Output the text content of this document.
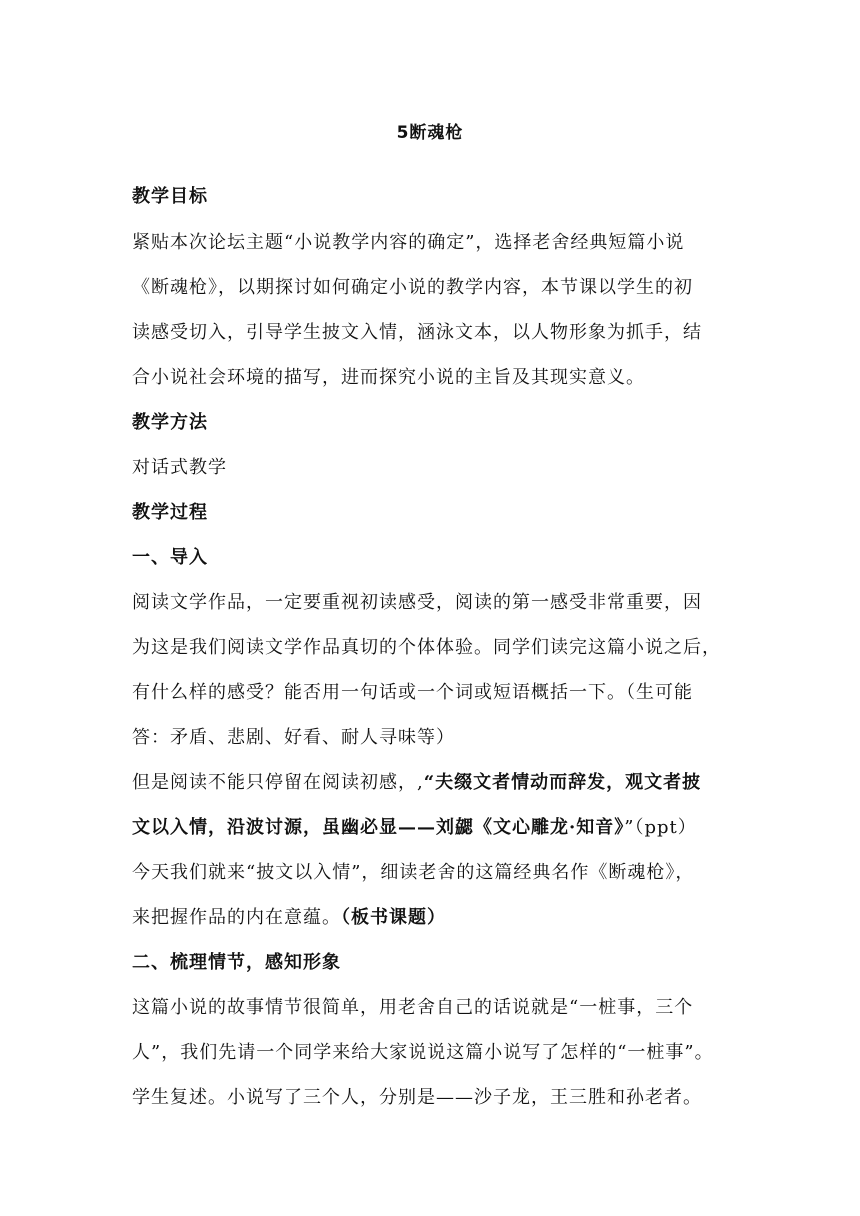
5断魂枪
教学目标
紧贴本次论坛主题“小说教学内容的确定”，选择老舍经典短篇小说
《断魂枪》，以期探讨如何确定小说的教学内容，本节课以学生的初
读感受切入，引导学生披文入情，涵泳文本，以人物形象为抓手，结
合小说社会环境的描写，进而探究小说的主旨及其现实意义。
教学方法
对话式教学
教学过程
一、导入
阅读文学作品，一定要重视初读感受，阅读的第一感受非常重要，因
为这是我们阅读文学作品真切的个体体验。同学们读完这篇小说之后，
有什么样的感受？能否用一句话或一个词或短语概括一下。（生可能
答：矛盾、悲剧、好看、耐人寻味等）
但是阅读不能只停留在阅读初感，,“夫缀文者情动而辞发，观文者披
文以入情，沿波讨源，虽幽必显——刘勰《文心雕龙·知音》”（ppt）
今天我们就来“披文以入情”，细读老舍的这篇经典名作《断魂枪》，
来把握作品的内在意蕴。（板书课题）
二、梳理情节，感知形象
这篇小说的故事情节很简单，用老舍自己的话说就是“一桩事，三个
人”，我们先请一个同学来给大家说说这篇小说写了怎样的“一桩事”。
学生复述。小说写了三个人，分别是——沙子龙，王三胜和孙老者。
